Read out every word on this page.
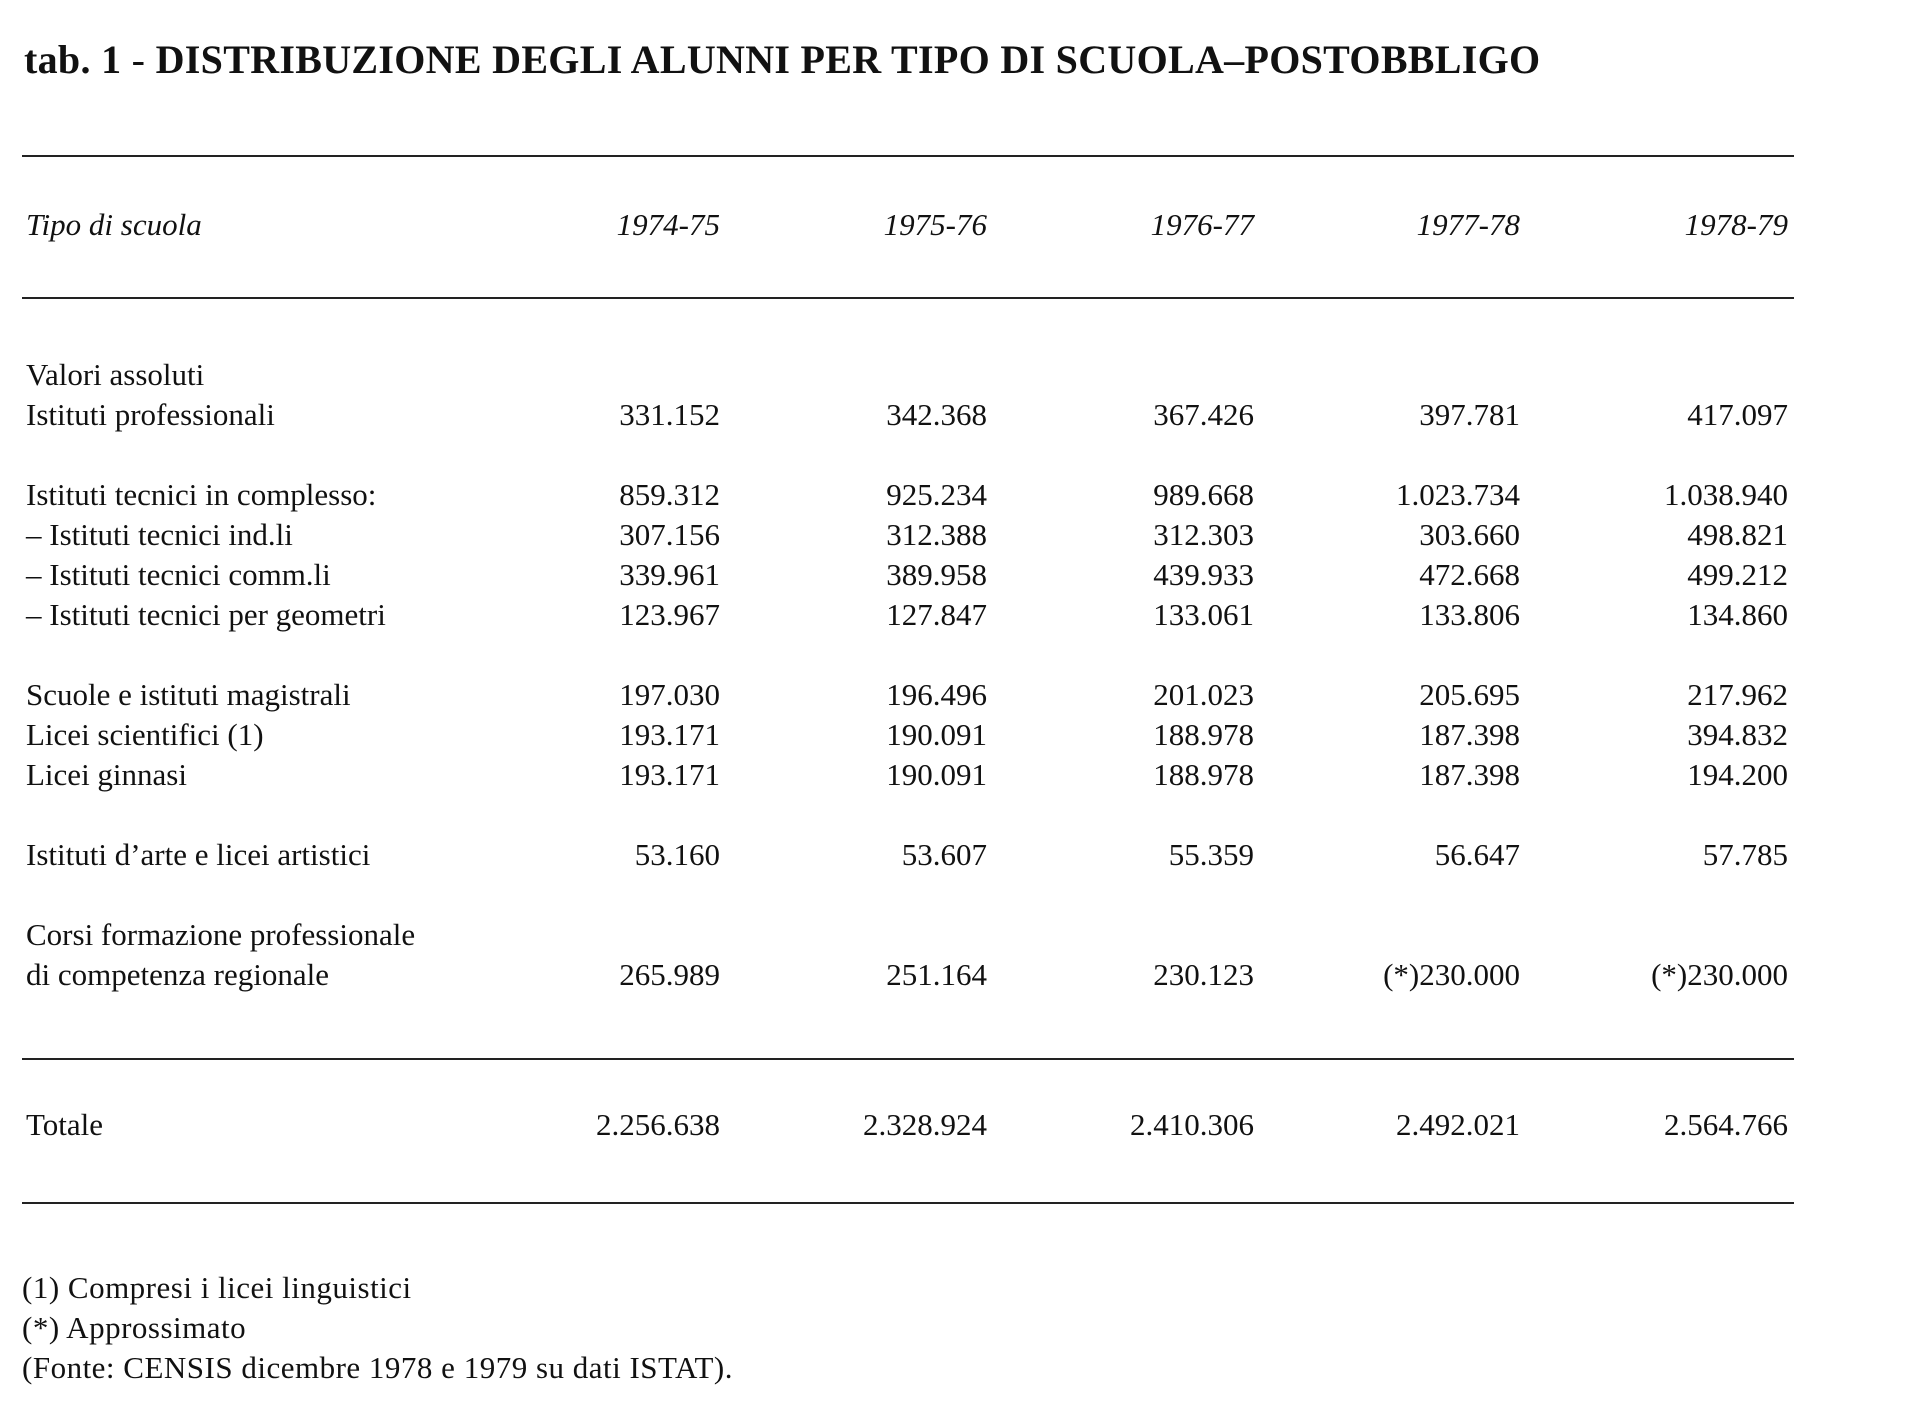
tab. 1 - DISTRIBUZIONE DEGLI ALUNNI PER TIPO DI SCUOLA–POSTOBBLIGO
Tipo di scuola	1974-75	1975-76	1976-77	1977-78	1978-79
Valori assoluti
Istituti professionali	331.152	342.368	367.426	397.781	417.097
Istituti tecnici in complesso:	859.312	925.234	989.668	1.023.734	1.038.940
– Istituti tecnici ind.li	307.156	312.388	312.303	303.660	498.821
– Istituti tecnici comm.li	339.961	389.958	439.933	472.668	499.212
– Istituti tecnici per geometri	123.967	127.847	133.061	133.806	134.860
Scuole e istituti magistrali	197.030	196.496	201.023	205.695	217.962
Licei scientifici (1)	193.171	190.091	188.978	187.398	394.832
Licei ginnasi	193.171	190.091	188.978	187.398	194.200
Istituti d’arte e licei artistici	53.160	53.607	55.359	56.647	57.785
Corsi formazione professionale
di competenza regionale	265.989	251.164	230.123	(*)230.000	(*)230.000
Totale	2.256.638	2.328.924	2.410.306	2.492.021	2.564.766
(1) Compresi i licei linguistici
(*) Approssimato
(Fonte: CENSIS dicembre 1978 e 1979 su dati ISTAT).
